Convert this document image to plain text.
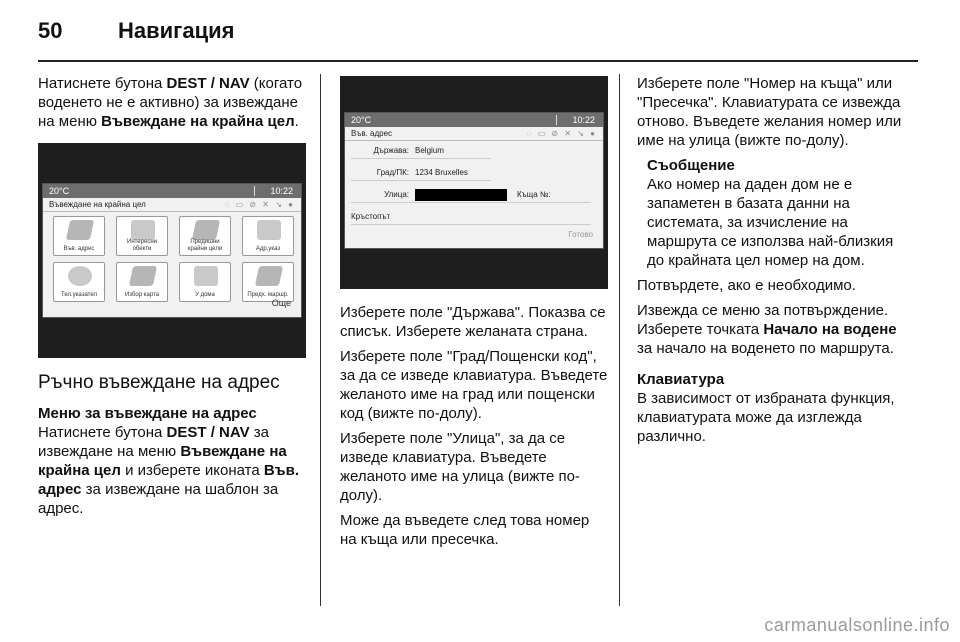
50	Навигация

Натиснете бутона DEST / NAV (когато воденето не е активно) за извеждане на меню Въвеждане на крайна цел.

20°C	10:22
Въвеждане на крайна цел	◌ ▭ ⊘ ✕ ↘ ●
Във. адрес
Интересни обекти
Предишни крайни цели	Адр.указ
Тел.указател	Избор карта	У дома	Предх. маршр.
Още
Ръчно въвеждане на адрес
Меню за въвеждане на адрес

Натиснете бутона DEST / NAV за извеждане на меню Въвеждане на крайна цел и изберете иконата Във. адрес за извеждане на шаблон за адрес.

20°C	10:22
Във. адрес	◌ ▭ ⊘ ✕ ↘ ●
Държава: Belgium
Град/ПК: 1234 Bruxelles
Улица:	Къща №:
Кръстопът
Готово

Изберете поле "Държава". Показва се списък. Изберете желаната страна.

Изберете поле "Град/Пощенски код", за да се изведе клавиатура. Въведете желаното име на град или пощенски код (вижте по-долу).

Изберете поле "Улица", за да се изведе клавиатура. Въведете желаното име на улица (вижте по-долу).

Може да въведете след това номер на къща или пресечка.

Изберете поле "Номер на къща" или "Пресечка". Клавиатурата се извежда отново. Въведете желания номер или име на улица (вижте по-долу).

Съобщение
Ако номер на даден дом не е запаметен в базата данни на системата, за изчисление на маршрута се използва най-близкия до крайната цел номер на дом.

Потвърдете, ако е необходимо.

Извежда се меню за потвърждение. Изберете точката Начало на водене за начало на воденето по маршрута.

Клавиатура

В зависимост от избраната функция, клавиатурата може да изглежда различно.

carmanualsonline.info
